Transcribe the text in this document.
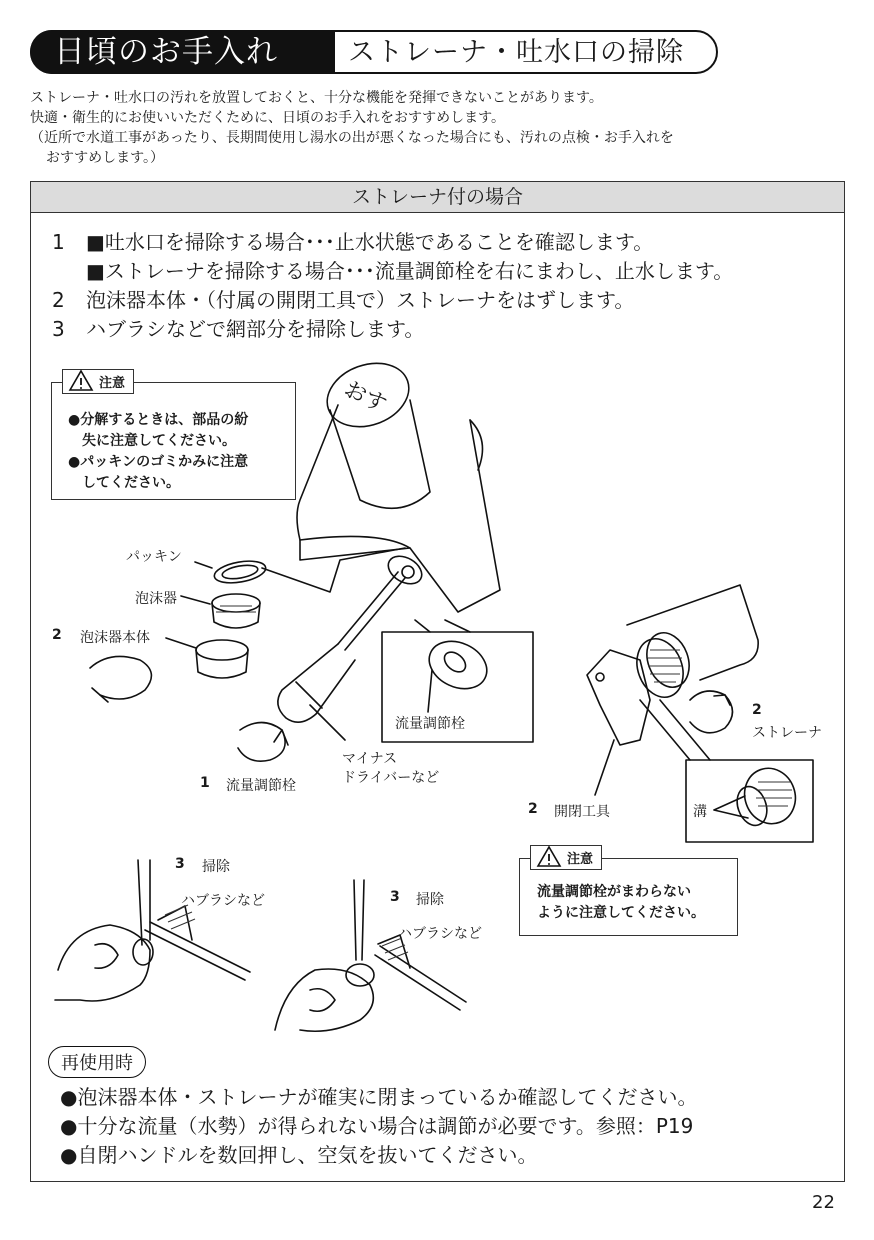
日頃のお手入れ	ストレーナ・吐水口の掃除
ストレーナ・吐水口の汚れを放置しておくと、十分な機能を発揮できないことがあります。
快適・衛生的にお使いいただくために、日頃のお手入れをおすすめします。
（近所で水道工事があったり、長期間使用し湯水の出が悪くなった場合にも、汚れの点検・お手入れを
おすすめします。）
ストレーナ付の場合
1 ■吐水口を掃除する場合･･･止水状態であることを確認します。
■ストレーナを掃除する場合･･･流量調節栓を右にまわし、止水します。
2 泡沫器本体・（付属の開閉工具で）ストレーナをはずします。
3 ハブラシなどで網部分を掃除します。
おす
注意
●分解するときは、部品の紛
　失に注意してください。
●パッキンのゴミかみに注意
　してください。
注意
流量調節栓がまわらない
ように注意してください。
パッキン
泡沫器
2 泡沫器本体
流量調節栓
マイナス
ドライバーなど
1 流量調節栓
2
ストレーナ
溝
2 開閉工具
3 掃除
ハブラシなど	3 掃除
ハブラシなど
再使用時
●泡沫器本体・ストレーナが確実に閉まっているか確認してください。
●十分な流量（水勢）が得られない場合は調節が必要です。参照：P19
●自閉ハンドルを数回押し、空気を抜いてください。
22
